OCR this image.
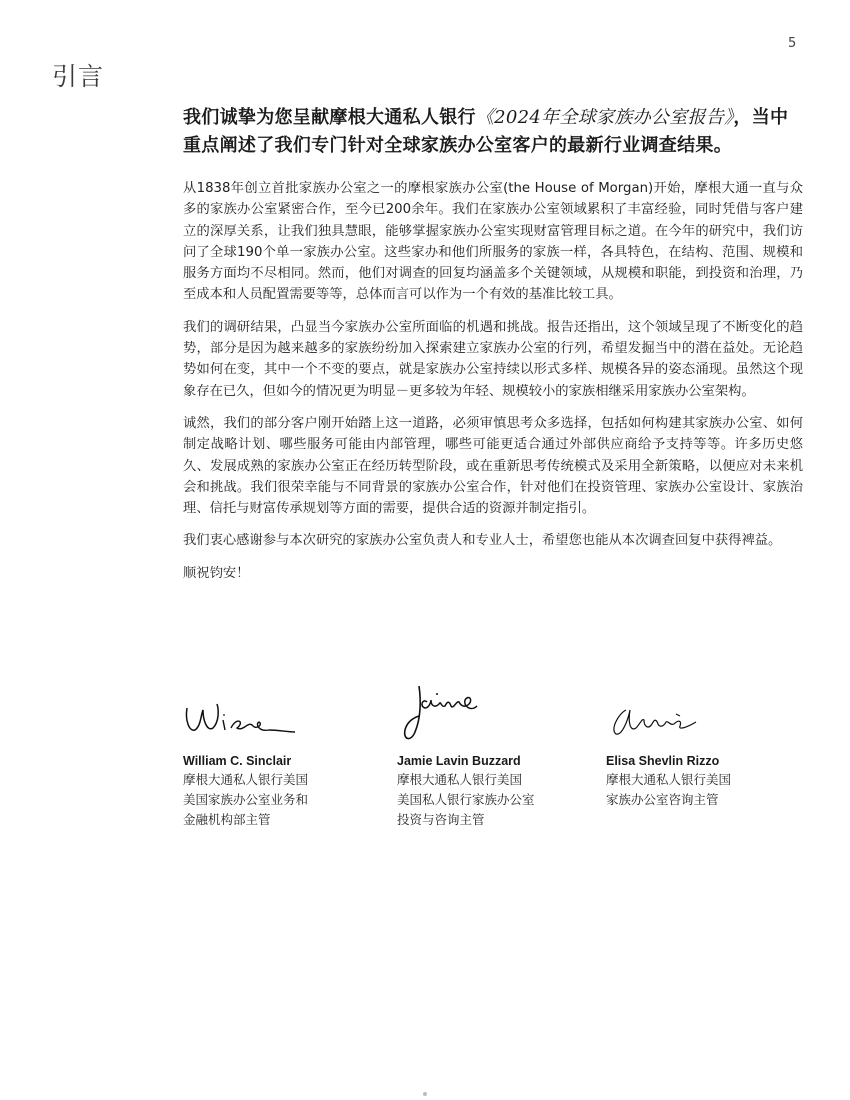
引言
5
我们诚挚为您呈献摩根大通私人银行《2024年全球家族办公室报告》，当中重点阐述了我们专门针对全球家族办公室客户的最新行业调查结果。

从1838年创立首批家族办公室之一的摩根家族办公室(the House of Morgan)开始，摩根大通一直与众多的家族办公室紧密合作，至今已200余年。我们在家族办公室领域累积了丰富经验，同时凭借与客户建立的深厚关系，让我们独具慧眼，能够掌握家族办公室实现财富管理目标之道。在今年的研究中，我们访问了全球190个单一家族办公室。这些家办和他们所服务的家族一样，各具特色，在结构、范围、规模和服务方面均不尽相同。然而，他们对调查的回复均涵盖多个关键领域，从规模和职能，到投资和治理，乃至成本和人员配置需要等等，总体而言可以作为一个有效的基准比较工具。

我们的调研结果，凸显当今家族办公室所面临的机遇和挑战。报告还指出，这个领域呈现了不断变化的趋势，部分是因为越来越多的家族纷纷加入探索建立家族办公室的行列，希望发掘当中的潜在益处。无论趋势如何在变，其中一个不变的要点，就是家族办公室持续以形式多样、规模各异的姿态涌现。虽然这个现象存在已久，但如今的情况更为明显－更多较为年轻、规模较小的家族相继采用家族办公室架构。

诚然，我们的部分客户刚开始踏上这一道路，必须审慎思考众多选择，包括如何构建其家族办公室、如何制定战略计划、哪些服务可能由内部管理，哪些可能更适合通过外部供应商给予支持等等。许多历史悠久、发展成熟的家族办公室正在经历转型阶段，或在重新思考传统模式及采用全新策略，以便应对未来机会和挑战。我们很荣幸能与不同背景的家族办公室合作，针对他们在投资管理、家族办公室设计、家族治理、信托与财富传承规划等方面的需要，提供合适的资源并制定指引。

我们衷心感谢参与本次研究的家族办公室负责人和专业人士，希望您也能从本次调查回复中获得裨益。

顺祝钧安！

William C. Sinclair
摩根大通私人银行美国
美国家族办公室业务和
金融机构部主管
Jamie Lavin Buzzard
摩根大通私人银行美国
美国私人银行家族办公室
投资与咨询主管
Elisa Shevlin Rizzo
摩根大通私人银行美国
家族办公室咨询主管
